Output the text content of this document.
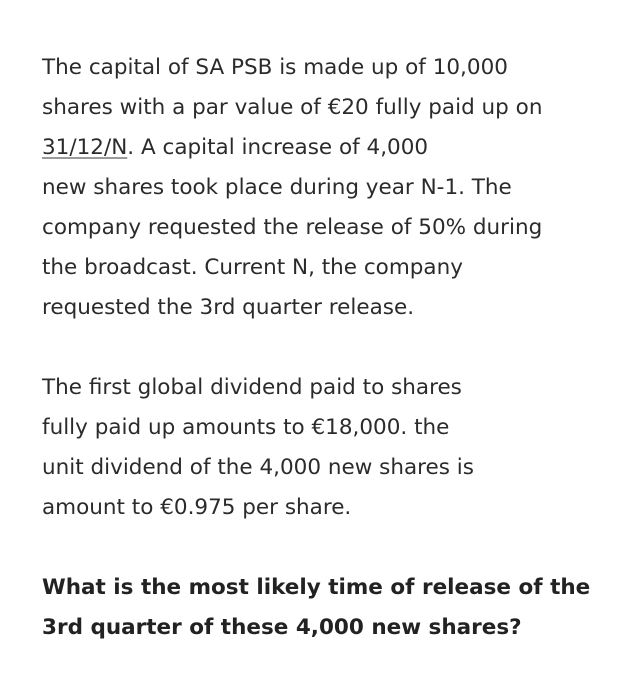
The capital of SA PSB is made up of 10,000
shares with a par value of €20 fully paid up on
31/12/N. A capital increase of 4,000
new shares took place during year N-1. The
company requested the release of 50% during
the broadcast. Current N, the company
requested the 3rd quarter release.
The first global dividend paid to shares
fully paid up amounts to €18,000. the
unit dividend of the 4,000 new shares is
amount to €0.975 per share.
What is the most likely time of release of the
3rd quarter of these 4,000 new shares?
